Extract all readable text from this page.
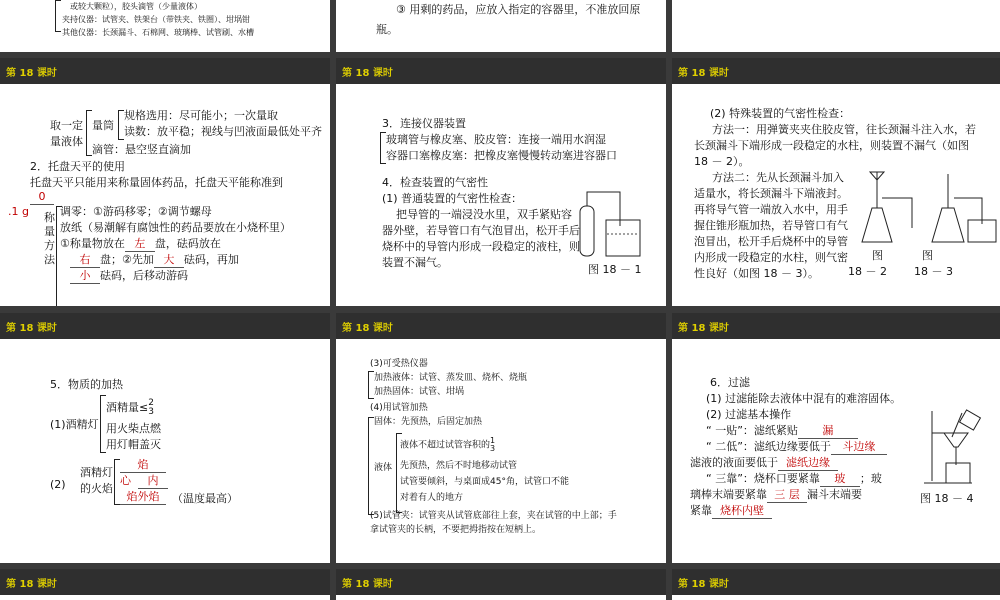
或较大颗粒），胶头滴管（少量液体）
夹持仪器：试管夹、铁架台（带铁夹、铁圈）、坩埚钳
其他仪器：长颈漏斗、石棉网、玻璃棒、试管刷、水槽
③ 用剩的药品，应放入指定的容器里，不准放回原
瓶。
第 18 课时
取一定
量液体
量筒
规格选用：尽可能小；一次量取
读数：放平稳；视线与凹液面最低处平齐
滴管：悬空竖直滴加
2．托盘天平的使用
托盘天平只能用来称量固体药品，托盘天平能称准到
0
.1 g	调零：①游码移零；②调节螺母
称量方法
放纸（易潮解有腐蚀性的药品要放在小烧杯里）
①称量物放在 左 盘，砝码放在
右 盘；②先加 大 砝码，再加
小 砝码，后移动游码
第 18 课时
3．连接仪器装置
玻璃管与橡皮塞、胶皮管：连接一端用水润湿
容器口塞橡皮塞：把橡皮塞慢慢转动塞进容器口
4．检查装置的气密性
(1) 普通装置的气密性检查：
把导管的一端浸没水里，双手紧贴容
器外壁，若导管口有气泡冒出，松开手后
烧杯中的导管内形成一段稳定的液柱，则
装置不漏气。
图 18 － 1
第 18 课时
(2) 特殊装置的气密性检查：
方法一：用弹簧夹夹住胶皮管，往长颈漏斗注入水，若
长颈漏斗下端形成一段稳定的水柱，则装置不漏气（如图
18 － 2）。
方法二：先从长颈漏斗加入
适量水，将长颈漏斗下端液封。
再将导气管一端放入水中，用手
握住锥形瓶加热，若导管口有气
泡冒出，松开手后烧杯中的导管
内形成一段稳定的水柱，则气密
性良好（如图 18 － 3）。
图	图
18 － 2 18 － 3
第 18 课时
5．物质的加热
(1)酒精灯
酒精量≤2
3
用火柴点燃
用灯帽盖灭
(2)
酒精灯
的火焰
焰
心 内
焰外焰	（温度最高）
第 18 课时
(3)可受热仪器
加热液体：试管、蒸发皿、烧杯、烧瓶
加热固体：试管、坩埚
(4)用试管加热
固体：先预热，后固定加热
液体
液体不超过试管容积的1
3
先预热，然后不时地移动试管
试管要倾斜，与桌面成45°角，试管口不能
对着有人的地方
(5)试管夹：试管夹从试管底部往上套，夹在试管的中上部；手
拿试管夹的长柄，不要把拇指按在短柄上。
第 18 课时
6．过滤
(1) 过滤能除去液体中混有的难溶固体。
(2) 过滤基本操作
“ 一贴”：滤纸紧贴 漏
“ 二低”：滤纸边缘要低于 斗边缘
滤液的液面要低于 滤纸边缘
“ 三靠”：烧杯口要紧靠 玻 ；玻
璃棒末端要紧靠 三 层 漏斗末端要
紧靠 烧杯内壁
图 18 － 4
第 18 课时	第 18 课时	第 18 课时
